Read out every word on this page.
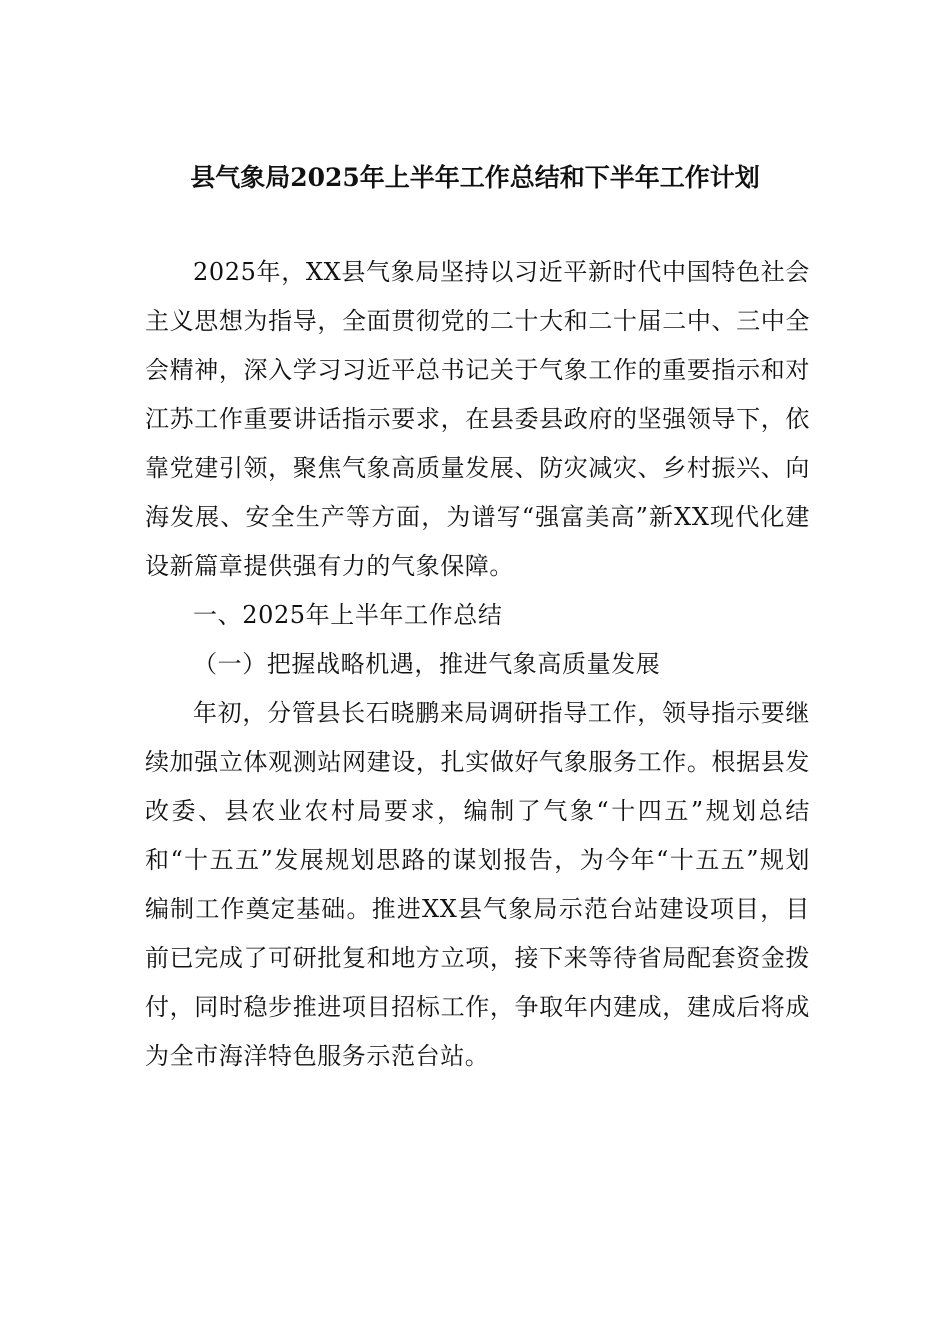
县气象局2025年上半年工作总结和下半年工作计划

2025年，XX县气象局坚持以习近平新时代中国特色社会主义思想为指导，全面贯彻党的二十大和二十届二中、三中全会精神，深入学习习近平总书记关于气象工作的重要指示和对江苏工作重要讲话指示要求，在县委县政府的坚强领导下，依靠党建引领，聚焦气象高质量发展、防灾减灾、乡村振兴、向海发展、安全生产等方面，为谱写“强富美高”新XX现代化建设新篇章提供强有力的气象保障。

一、2025年上半年工作总结

（一）把握战略机遇，推进气象高质量发展

年初，分管县长石晓鹏来局调研指导工作，领导指示要继续加强立体观测站网建设，扎实做好气象服务工作。根据县发改委、县农业农村局要求，编制了气象“十四五”规划总结和“十五五”发展规划思路的谋划报告，为今年“十五五”规划编制工作奠定基础。推进XX县气象局示范台站建设项目，目前已完成了可研批复和地方立项，接下来等待省局配套资金拨付，同时稳步推进项目招标工作，争取年内建成，建成后将成为全市海洋特色服务示范台站。
